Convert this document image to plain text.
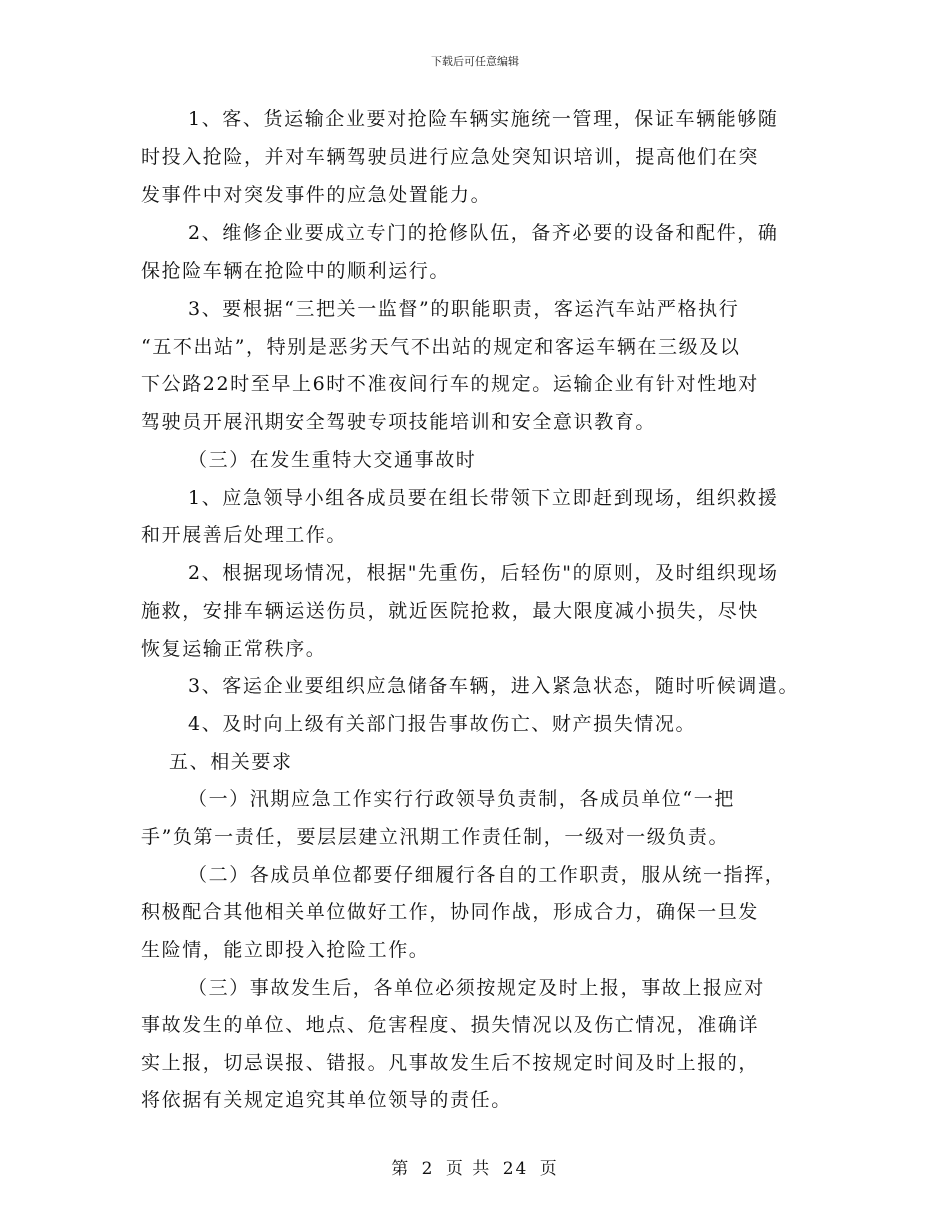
下载后可任意编辑
1、客、货运输企业要对抢险车辆实施统一管理，保证车辆能够随
时投入抢险，并对车辆驾驶员进行应急处突知识培训，提高他们在突
发事件中对突发事件的应急处置能力。
2、维修企业要成立专门的抢修队伍，备齐必要的设备和配件，确
保抢险车辆在抢险中的顺利运行。
3、要根据“三把关一监督”的职能职责，客运汽车站严格执行
“五不出站”，特别是恶劣天气不出站的规定和客运车辆在三级及以
下公路22时至早上6时不准夜间行车的规定。运输企业有针对性地对
驾驶员开展汛期安全驾驶专项技能培训和安全意识教育。
（三）在发生重特大交通事故时
1、应急领导小组各成员要在组长带领下立即赶到现场，组织救援
和开展善后处理工作。
2、根据现场情况，根据"先重伤，后轻伤"的原则，及时组织现场
施救，安排车辆运送伤员，就近医院抢救，最大限度减小损失，尽快
恢复运输正常秩序。
3、客运企业要组织应急储备车辆，进入紧急状态，随时听候调遣。
4、及时向上级有关部门报告事故伤亡、财产损失情况。
五、相关要求
（一）汛期应急工作实行行政领导负责制，各成员单位“一把
手”负第一责任，要层层建立汛期工作责任制，一级对一级负责。
（二）各成员单位都要仔细履行各自的工作职责，服从统一指挥，
积极配合其他相关单位做好工作，协同作战，形成合力，确保一旦发
生险情，能立即投入抢险工作。
（三）事故发生后，各单位必须按规定及时上报，事故上报应对
事故发生的单位、地点、危害程度、损失情况以及伤亡情况，准确详
实上报，切忌误报、错报。凡事故发生后不按规定时间及时上报的，
将依据有关规定追究其单位领导的责任。
第 2 页 共 24 页
